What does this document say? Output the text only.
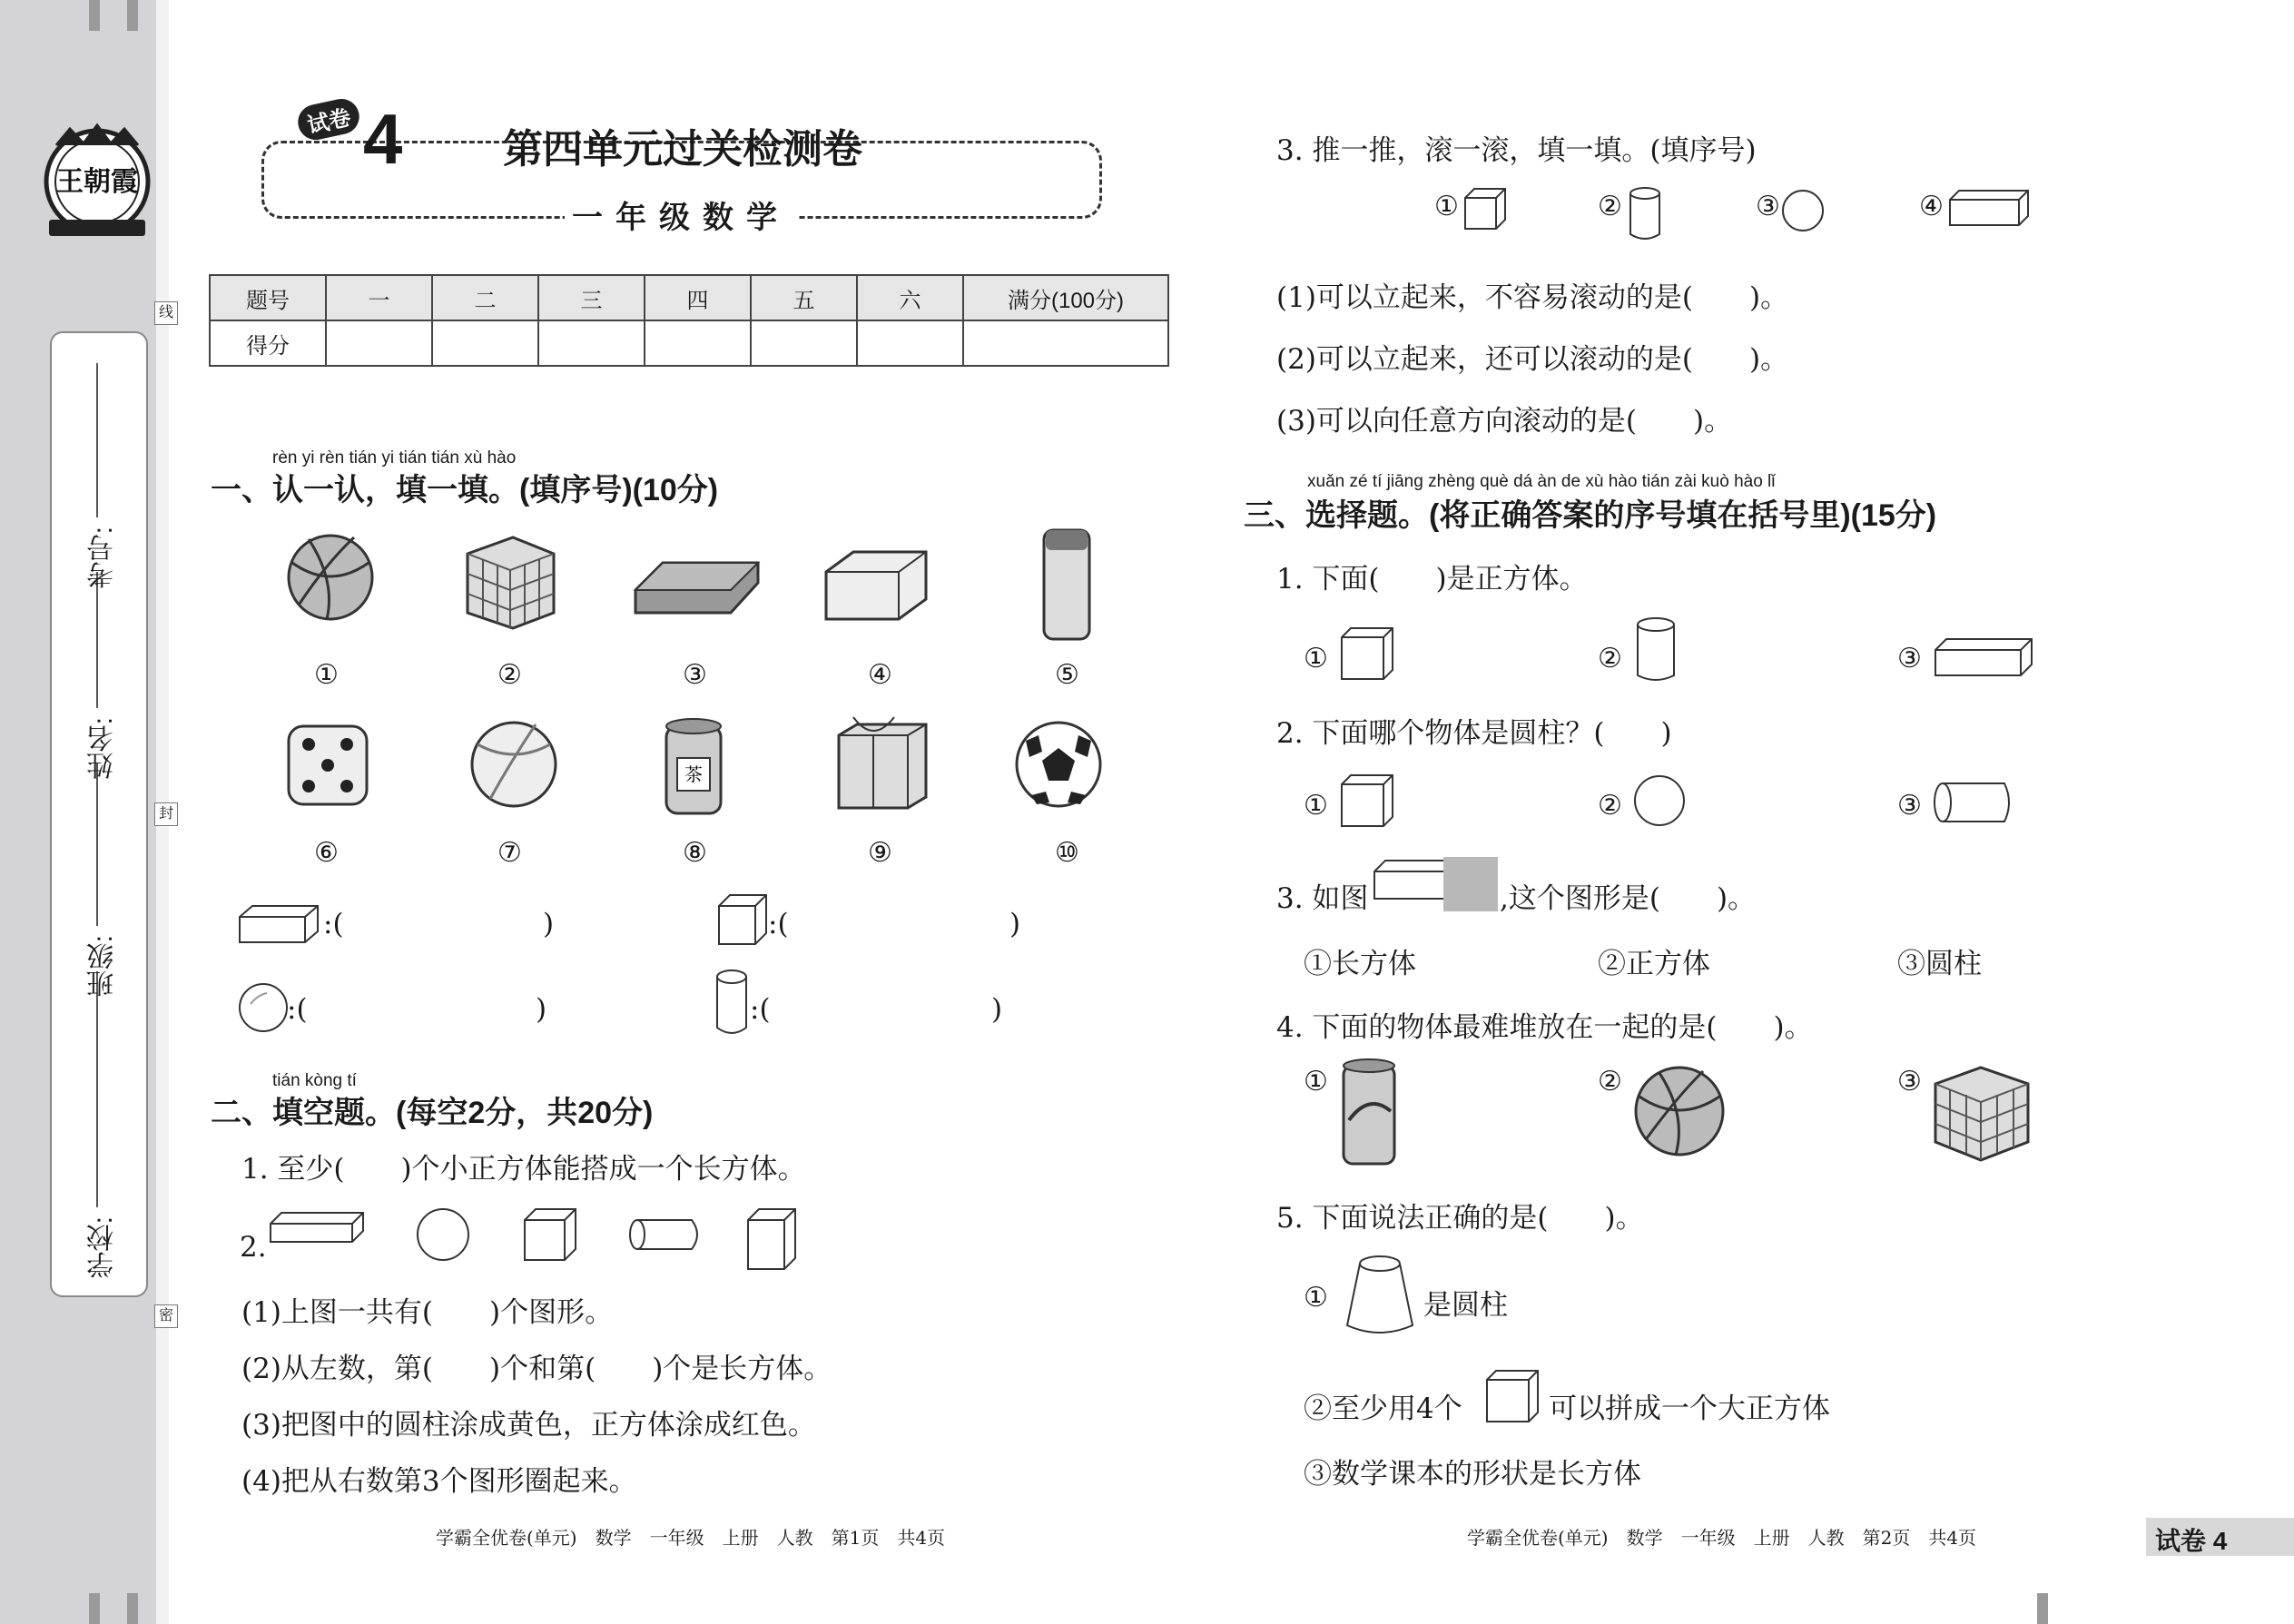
王朝霞
学校:
班级:
姓名:
考号:
线
封
密
试卷 4	第四单元过关检测卷
一年级数学
题号	一	二	三	四	五	六	满分(100分)
得分							
rèn yi rèn tián yi tián tián xù hào
一、认一认，填一填。(填序号)(10分)
①	②	③	④	⑤
茶
⑥	⑦	⑧	⑨	⑩
:(	)	:(	)
:(	)	:(	)
tián kòng tí
二、填空题。(每空2分，共20分)
1. 至少(　　)个小正方体能搭成一个长方体。
2.
(1)上图一共有(　　)个图形。
(2)从左数，第(　　)个和第(　　)个是长方体。
(3)把图中的圆柱涂成黄色，正方体涂成红色。
(4)把从右数第3个图形圈起来。
学霸全优卷(单元)　数学　一年级　上册　人教　第1页　共4页
3. 推一推，滚一滚，填一填。(填序号)
①	②	③	④
(1)可以立起来，不容易滚动的是(　　)。
(2)可以立起来，还可以滚动的是(　　)。
(3)可以向任意方向滚动的是(　　)。
xuǎn zé tí jiāng zhèng què dá àn de xù hào tián zài kuò hào lǐ
三、选择题。(将正确答案的序号填在括号里)(15分)
1. 下面(　　)是正方体。
①	②	③
2. 下面哪个物体是圆柱？(　　)
①	②	③
3. 如图	,这个图形是(　　)。
①长方体	②正方体	③圆柱
4. 下面的物体最难堆放在一起的是(　　)。
①	②	③
5. 下面说法正确的是(　　)。
①	是圆柱
②至少用4个	可以拼成一个大正方体
③数学课本的形状是长方体
学霸全优卷(单元)　数学　一年级　上册　人教　第2页　共4页	试卷 4
